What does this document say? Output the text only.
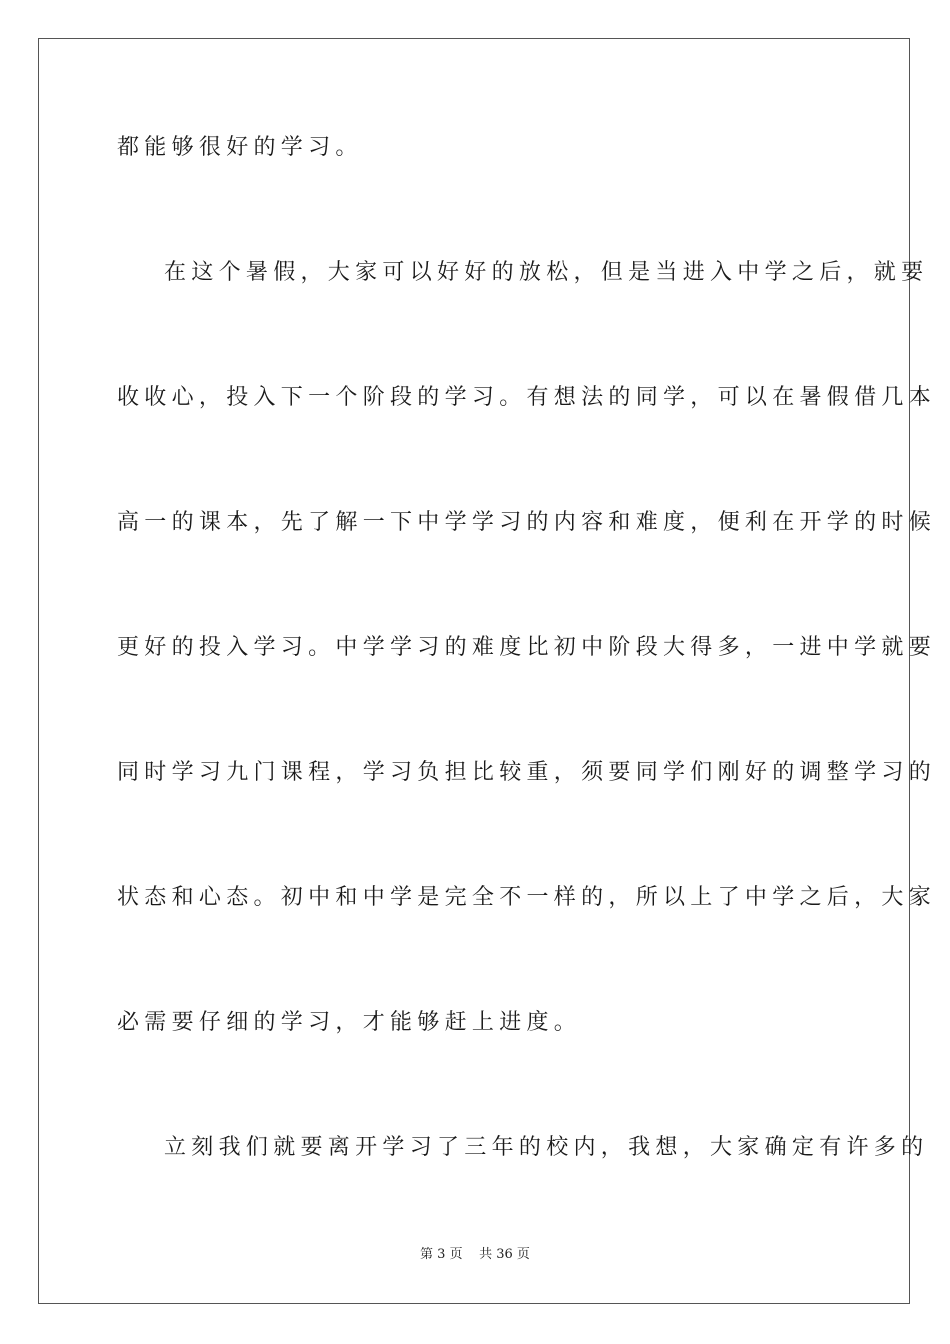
都能够很好的学习。
在这个暑假，大家可以好好的放松，但是当进入中学之后，就要
收收心，投入下一个阶段的学习。有想法的同学，可以在暑假借几本
高一的课本，先了解一下中学学习的内容和难度，便利在开学的时候
更好的投入学习。中学学习的难度比初中阶段大得多，一进中学就要
同时学习九门课程，学习负担比较重，须要同学们刚好的调整学习的
状态和心态。初中和中学是完全不一样的，所以上了中学之后，大家
必需要仔细的学习，才能够赶上进度。
立刻我们就要离开学习了三年的校内，我想，大家确定有许多的
第 3 页 共 36 页
